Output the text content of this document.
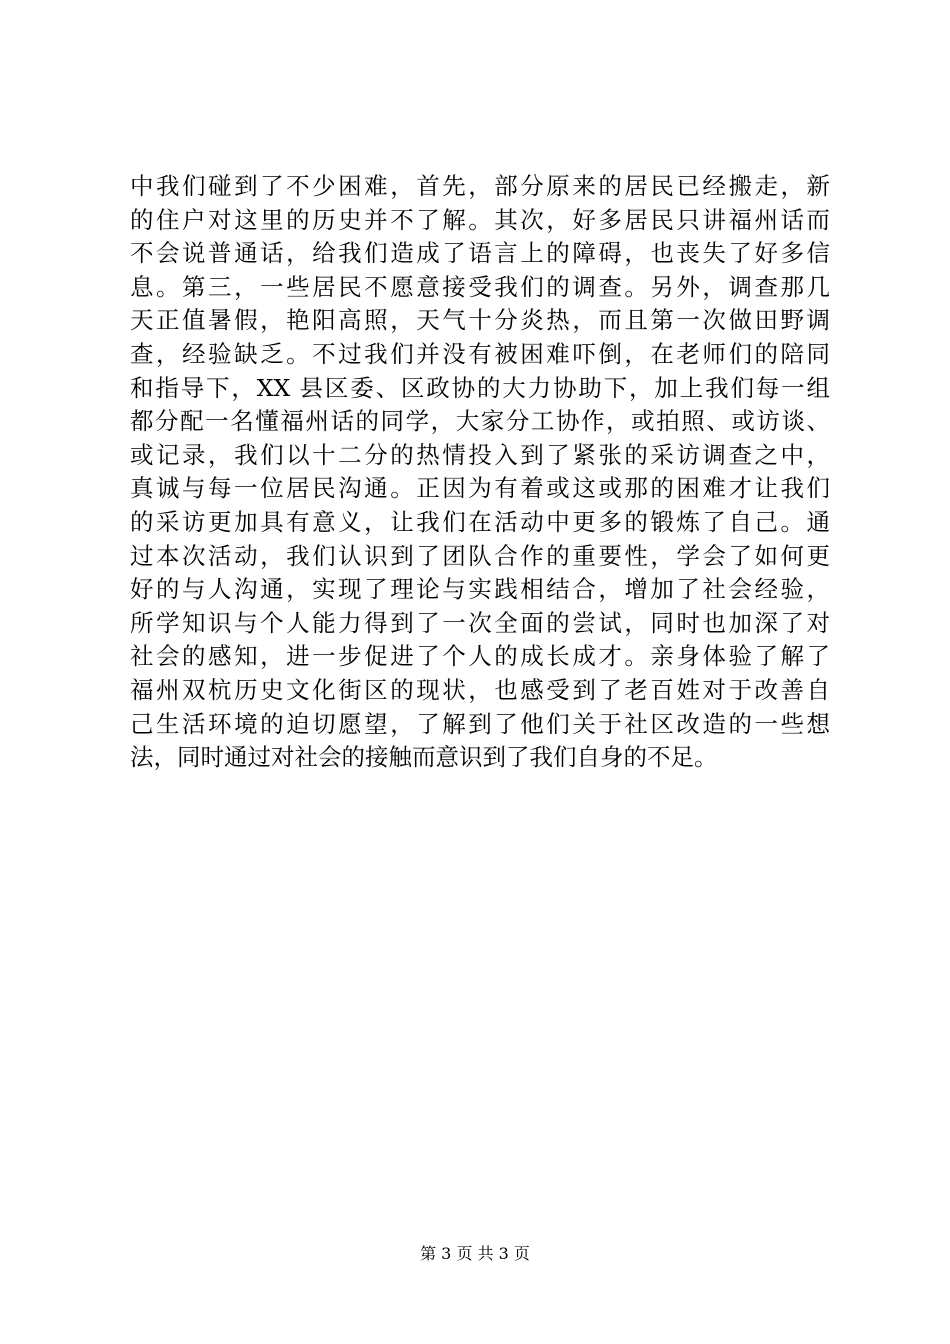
中我们碰到了不少困难，首先，部分原来的居民已经搬走，新
的住户对这里的历史并不了解。其次，好多居民只讲福州话而
不会说普通话，给我们造成了语言上的障碍，也丧失了好多信
息。第三，一些居民不愿意接受我们的调查。另外，调查那几
天正值暑假，艳阳高照，天气十分炎热，而且第一次做田野调
查，经验缺乏。不过我们并没有被困难吓倒，在老师们的陪同
和指导下，XX 县区委、区政协的大力协助下，加上我们每一组
都分配一名懂福州话的同学，大家分工协作，或拍照、或访谈、
或记录，我们以十二分的热情投入到了紧张的采访调查之中，
真诚与每一位居民沟通。正因为有着或这或那的困难才让我们
的采访更加具有意义，让我们在活动中更多的锻炼了自己。通
过本次活动，我们认识到了团队合作的重要性，学会了如何更
好的与人沟通，实现了理论与实践相结合，增加了社会经验，
所学知识与个人能力得到了一次全面的尝试，同时也加深了对
社会的感知，进一步促进了个人的成长成才。亲身体验了解了
福州双杭历史文化街区的现状，也感受到了老百姓对于改善自
己生活环境的迫切愿望，了解到了他们关于社区改造的一些想
法，同时通过对社会的接触而意识到了我们自身的不足。
第 3 页 共 3 页
